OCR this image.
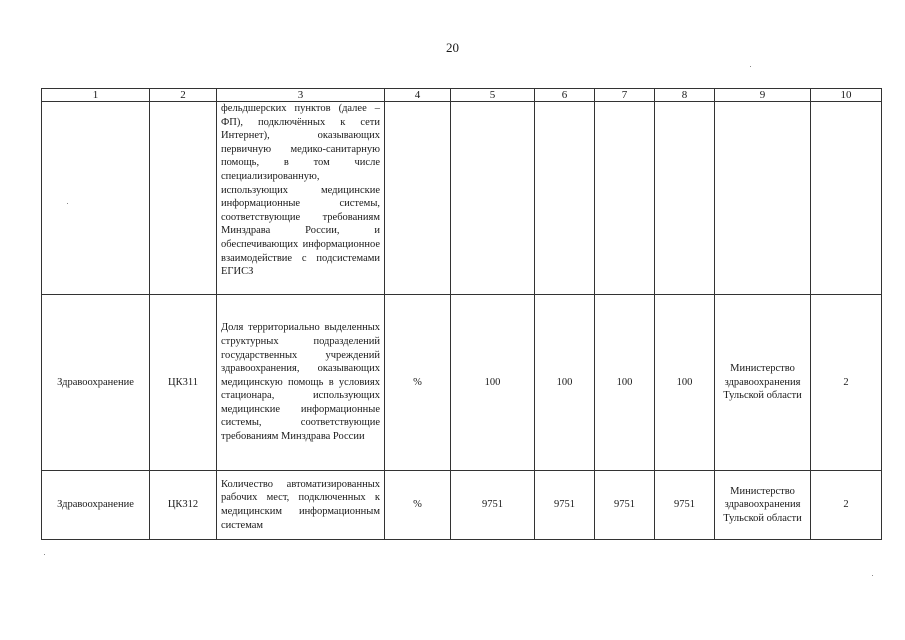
20
1	2	3	4	5	6	7	8	9	10
		фельдшерских пунктов (далее – ФП), подключённых к сети Интернет), оказывающих первичную медико-санитарную помощь, в том числе специализированную, использующих медицинские информационные системы, соответствующие требованиям Минздрава России, и обеспечивающих информационное взаимодействие с подсистемами ЕГИСЗ							
Здравоохранение	ЦК311	Доля территориально выделенных структурных подразделений государственных учреждений здравоохранения, оказывающих медицинскую помощь в условиях стационара, использующих медицинские информационные системы, соответствующие требованиям Минздрава России	%	100	100	100	100	Министерство здравоохранения Тульской области	2
Здравоохранение	ЦК312	Количество автоматизированных рабочих мест, подключенных к медицинским информационным системам	%	9751	9751	9751	9751	Министерство здравоохранения Тульской области	2
